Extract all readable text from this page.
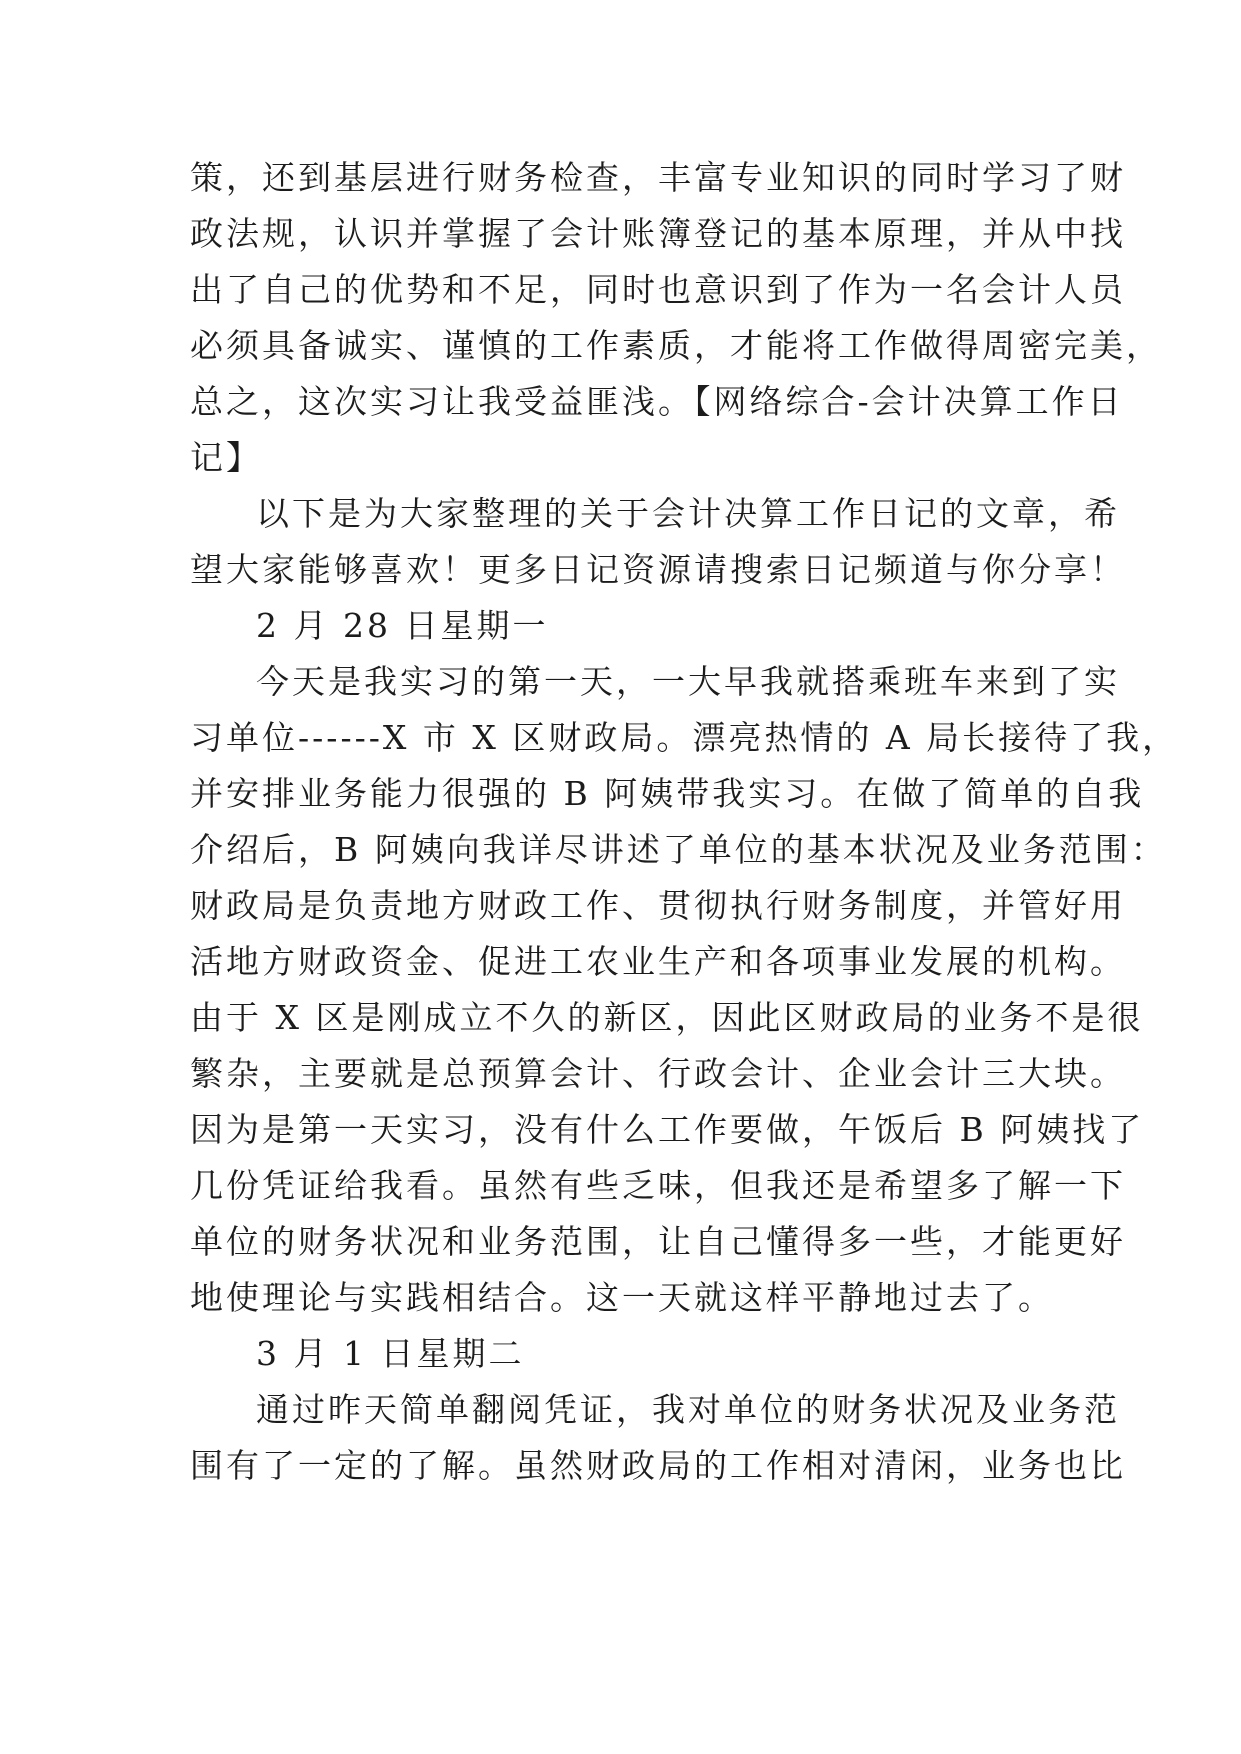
策，还到基层进行财务检查，丰富专业知识的同时学习了财
政法规，认识并掌握了会计账簿登记的基本原理，并从中找
出了自己的优势和不足，同时也意识到了作为一名会计人员
必须具备诚实、谨慎的工作素质，才能将工作做得周密完美，
总之，这次实习让我受益匪浅。【网络综合-会计决算工作日
记】
以下是为大家整理的关于会计决算工作日记的文章，希
望大家能够喜欢！更多日记资源请搜索日记频道与你分享！
2 月 28 日星期一
今天是我实习的第一天，一大早我就搭乘班车来到了实
习单位------X 市 X 区财政局。漂亮热情的 A 局长接待了我，
并安排业务能力很强的 B 阿姨带我实习。在做了简单的自我
介绍后，B 阿姨向我详尽讲述了单位的基本状况及业务范围：
财政局是负责地方财政工作、贯彻执行财务制度，并管好用
活地方财政资金、促进工农业生产和各项事业发展的机构。
由于 X 区是刚成立不久的新区，因此区财政局的业务不是很
繁杂，主要就是总预算会计、行政会计、企业会计三大块。
因为是第一天实习，没有什么工作要做，午饭后 B 阿姨找了
几份凭证给我看。虽然有些乏味，但我还是希望多了解一下
单位的财务状况和业务范围，让自己懂得多一些，才能更好
地使理论与实践相结合。这一天就这样平静地过去了。
3 月 1 日星期二
通过昨天简单翻阅凭证，我对单位的财务状况及业务范
围有了一定的了解。虽然财政局的工作相对清闲，业务也比
